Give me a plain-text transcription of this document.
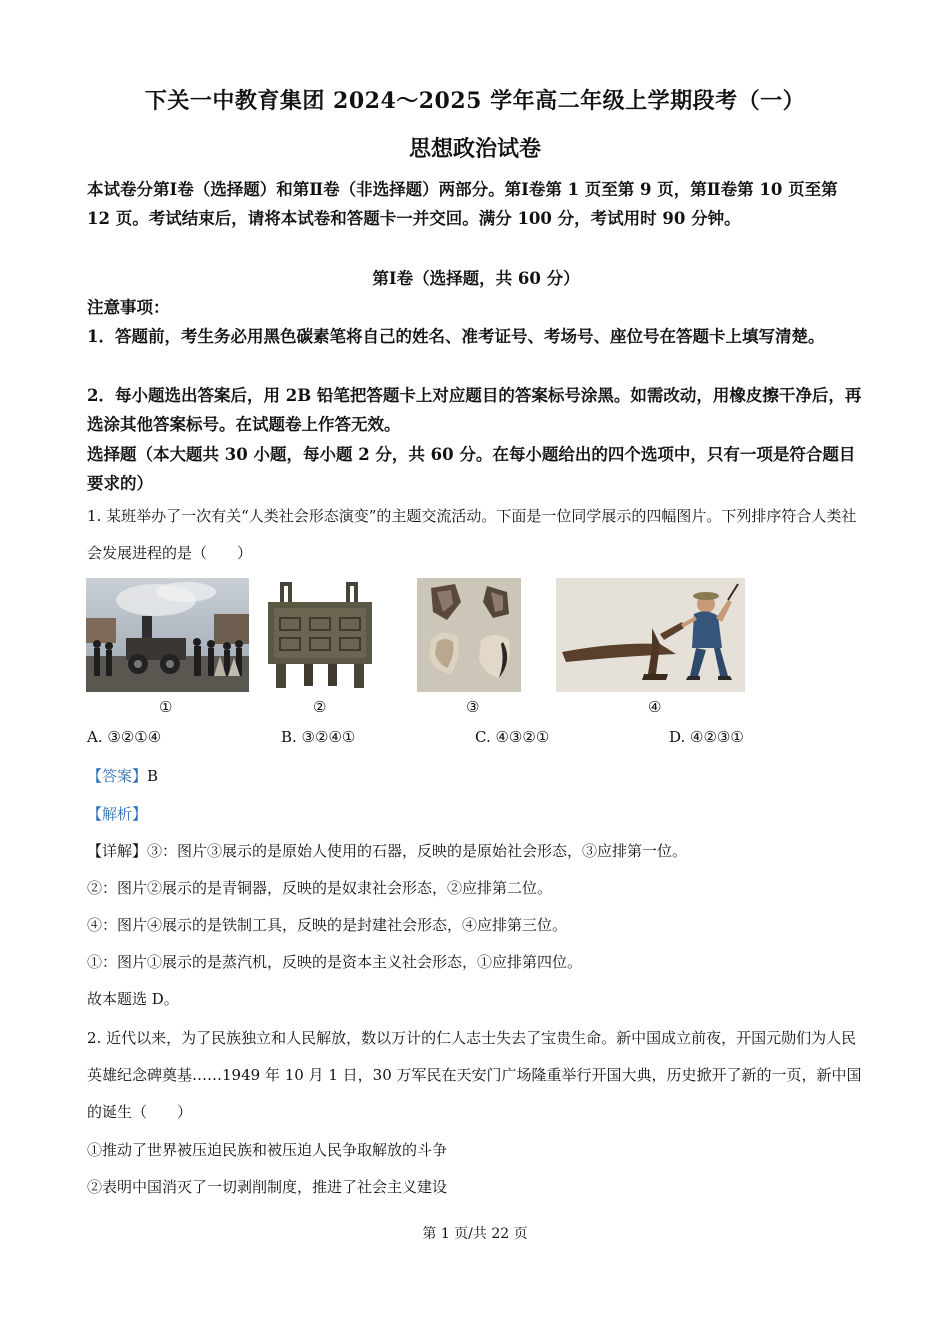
下关一中教育集团 2024～2025 学年高二年级上学期段考（一）
思想政治试卷
本试卷分第Ⅰ卷（选择题）和第Ⅱ卷（非选择题）两部分。第Ⅰ卷第 1 页至第 9 页，第Ⅱ卷第 10 页至第 12 页。考试结束后，请将本试卷和答题卡一并交回。满分 100 分，考试用时 90 分钟。
第Ⅰ卷（选择题，共 60 分）
注意事项：
1．答题前，考生务必用黑色碳素笔将自己的姓名、准考证号、考场号、座位号在答题卡上填写清楚。
2．每小题选出答案后，用 2B 铅笔把答题卡上对应题目的答案标号涂黑。如需改动，用橡皮擦干净后，再选涂其他答案标号。在试题卷上作答无效。
选择题（本大题共 30 小题，每小题 2 分，共 60 分。在每小题给出的四个选项中，只有一项是符合题目要求的）
1. 某班举办了一次有关“人类社会形态演变”的主题交流活动。下面是一位同学展示的四幅图片。下列排序符合人类社会发展进程的是（　　）
①	②	③	④
A. ③②①④	B. ③②④①	C. ④③②①	D. ④②③①
【答案】B
【解析】
【详解】③：图片③展示的是原始人使用的石器，反映的是原始社会形态，③应排第一位。
②：图片②展示的是青铜器，反映的是奴隶社会形态，②应排第二位。
④：图片④展示的是铁制工具，反映的是封建社会形态，④应排第三位。
①：图片①展示的是蒸汽机，反映的是资本主义社会形态，①应排第四位。
故本题选 D。
2. 近代以来，为了民族独立和人民解放，数以万计的仁人志士失去了宝贵生命。新中国成立前夜，开国元勋们为人民英雄纪念碑奠基……1949 年 10 月 1 日，30 万军民在天安门广场隆重举行开国大典，历史掀开了新的一页，新中国的诞生（　　）
①推动了世界被压迫民族和被压迫人民争取解放的斗争
②表明中国消灭了一切剥削制度，推进了社会主义建设
第 1 页/共 22 页
